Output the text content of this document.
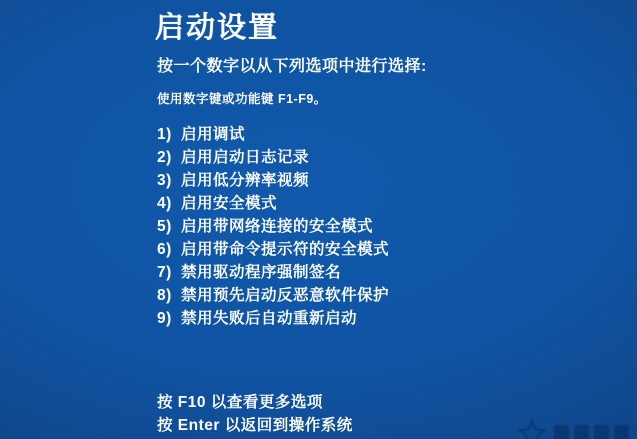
启动设置

按一个数字以从下列选项中进行选择:

使用数字键或功能键 F1-F9。

1) 启用调试
2) 启用启动日志记录
3) 启用低分辨率视频
4) 启用安全模式
5) 启用带网络连接的安全模式
6) 启用带命令提示符的安全模式
7) 禁用驱动程序强制签名
8) 禁用预先启动反恶意软件保护
9) 禁用失败后自动重新启动
按 F10 以查看更多选项
按 Enter 以返回到操作系统
